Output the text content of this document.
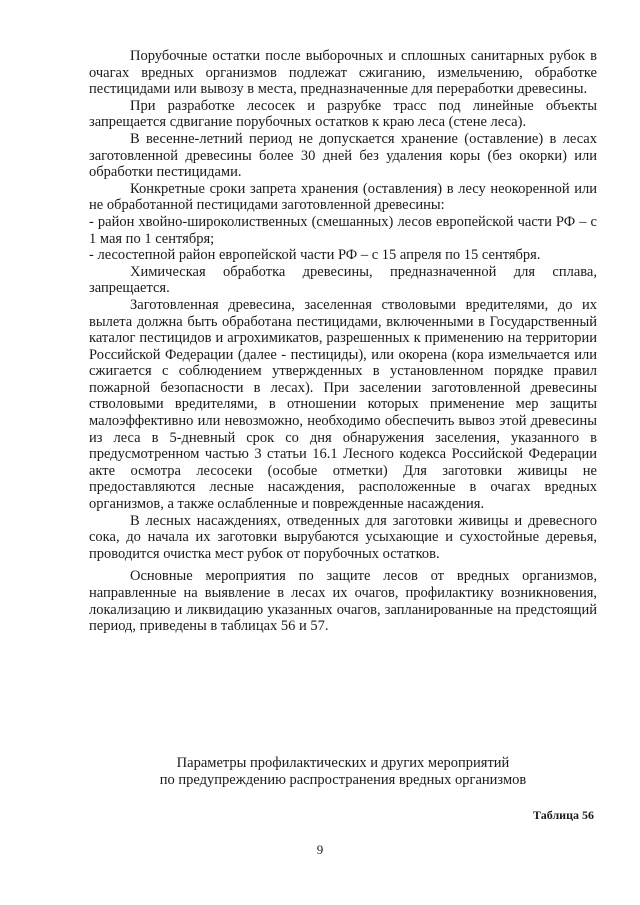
Порубочные остатки после выборочных и сплошных санитарных рубок в очагах вредных организмов подлежат сжиганию, измельчению, обработке пестицидами или вывозу в места, предназначенные для переработки древесины.

При разработке лесосек и разрубке трасс под линейные объекты запрещается сдвигание порубочных остатков к краю леса (стене леса).

В весенне-летний период не допускается хранение (оставление) в лесах заготовленной древесины более 30 дней без удаления коры (без окорки) или обработки пестицидами.

Конкретные сроки запрета хранения (оставления) в лесу неокоренной или не обработанной пестицидами заготовленной древесины:

- район хвойно-широколиственных (смешанных) лесов европейской части РФ – с 1 мая по 1 сентября;

- лесостепной район европейской части РФ – с 15 апреля по 15 сентября.

Химическая обработка древесины, предназначенной для сплава, запрещается.

Заготовленная древесина, заселенная стволовыми вредителями, до их вылета должна быть обработана пестицидами, включенными в Государственный каталог пестицидов и агрохимикатов, разрешенных к применению на территории Российской Федерации (далее - пестициды), или окорена (кора измельчается или сжигается с соблюдением утвержденных в установленном порядке правил пожарной безопасности в лесах). При заселении заготовленной древесины стволовыми вредителями, в отношении которых применение мер защиты малоэффективно или невозможно, необходимо обеспечить вывоз этой древесины из леса в 5-дневный срок со дня обнаружения заселения, указанного в предусмотренном частью 3 статьи 16.1 Лесного кодекса Российской Федерации акте осмотра лесосеки (особые отметки) Для заготовки живицы не предоставляются лесные насаждения, расположенные в очагах вредных организмов, а также ослабленные и поврежденные насаждения.

В лесных насаждениях, отведенных для заготовки живицы и древесного сока, до начала их заготовки вырубаются усыхающие и сухостойные деревья, проводится очистка мест рубок от порубочных остатков.

Основные мероприятия по защите лесов от вредных организмов, направленные на выявление в лесах их очагов, профилактику возникновения, локализацию и ликвидацию указанных очагов, запланированные на предстоящий период, приведены в таблицах 56 и 57.

Параметры профилактических и других мероприятий
по предупреждению распространения вредных организмов
Таблица 56
9
